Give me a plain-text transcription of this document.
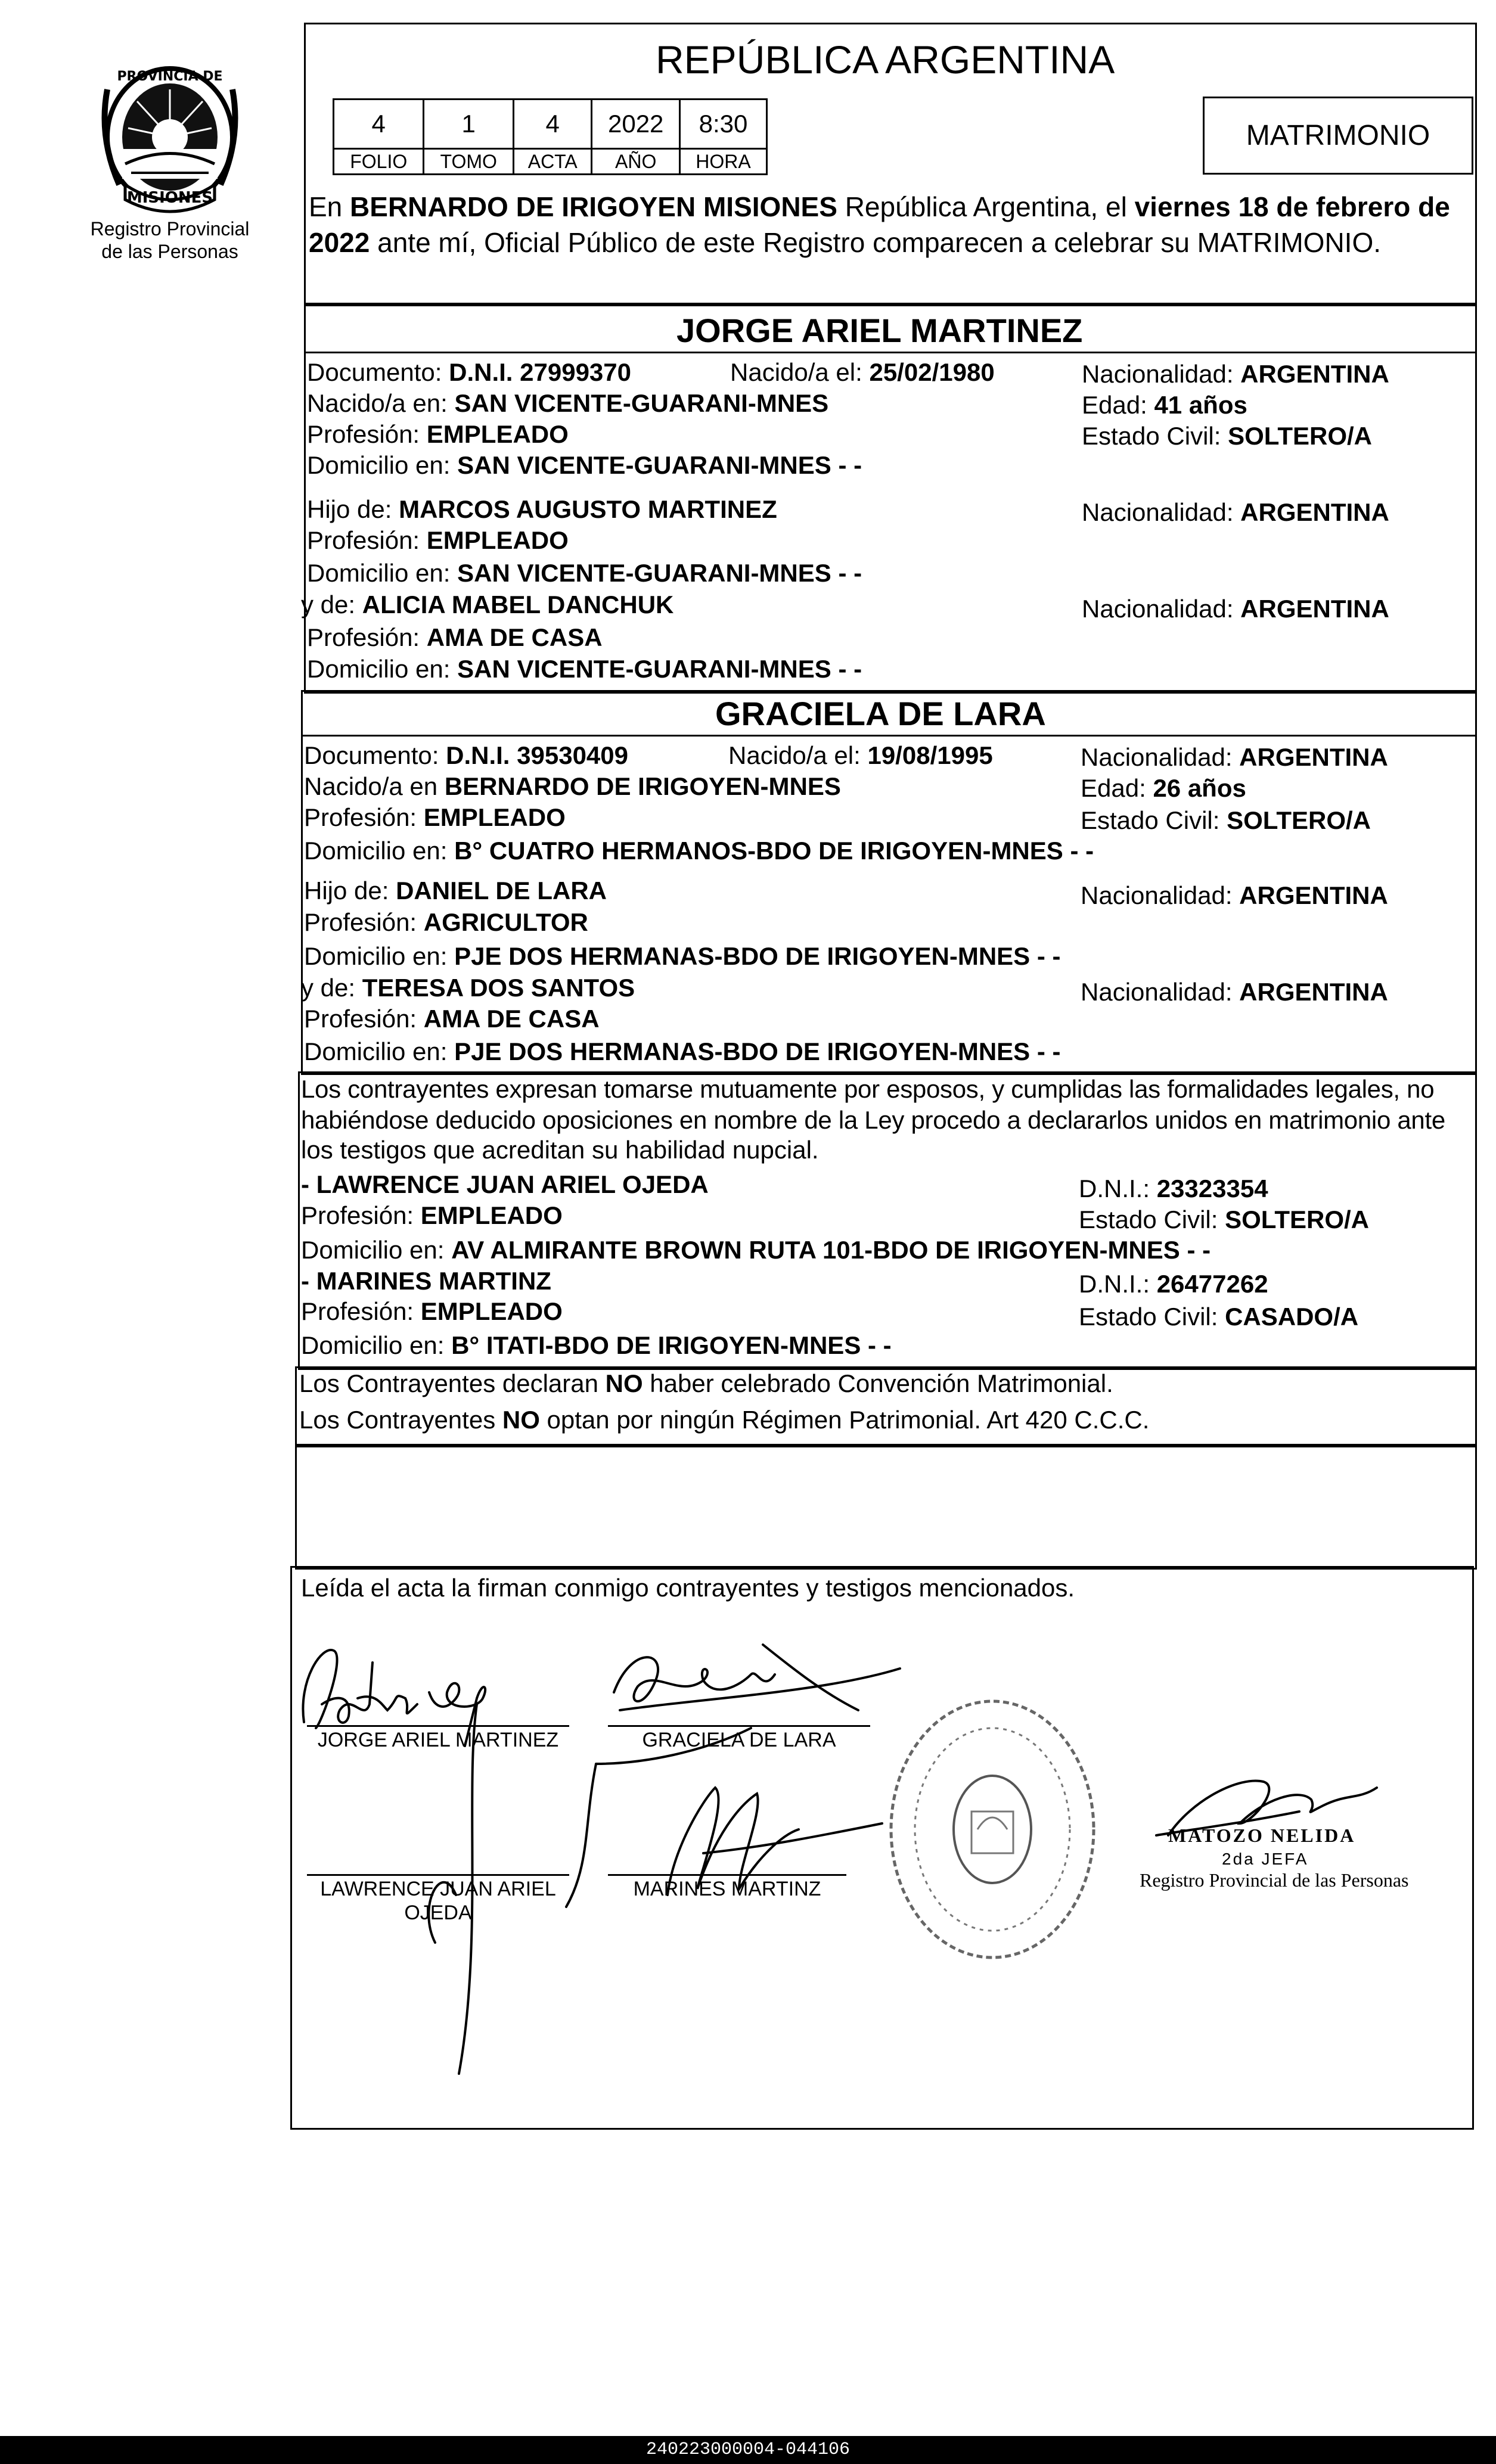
PROVINCIA DE
MISIONES
Registro Provincial
de las Personas
REPÚBLICA ARGENTINA
4	1	4	2022	8:30
FOLIO	TOMO	ACTA	AÑO	HORA
MATRIMONIO
En BERNARDO DE IRIGOYEN MISIONES República Argentina, el viernes 18 de febrero de
2022 ante mí, Oficial Público de este Registro comparecen a celebrar su MATRIMONIO.
JORGE ARIEL MARTINEZ
Documento: D.N.I. 27999370	Nacido/a el: 25/02/1980	Nacionalidad: ARGENTINA
Nacido/a en: SAN VICENTE-GUARANI-MNES	Edad: 41 años
Profesión: EMPLEADO	Estado Civil: SOLTERO/A
Domicilio en: SAN VICENTE-GUARANI-MNES - -
Hijo de: MARCOS AUGUSTO MARTINEZ	Nacionalidad: ARGENTINA
Profesión: EMPLEADO
Domicilio en: SAN VICENTE-GUARANI-MNES - -
y de: ALICIA MABEL DANCHUK	Nacionalidad: ARGENTINA
Profesión: AMA DE CASA
Domicilio en: SAN VICENTE-GUARANI-MNES - -
GRACIELA DE LARA
Documento: D.N.I. 39530409	Nacido/a el: 19/08/1995	Nacionalidad: ARGENTINA
Nacido/a en BERNARDO DE IRIGOYEN-MNES	Edad: 26 años
Profesión: EMPLEADO	Estado Civil: SOLTERO/A
Domicilio en: B° CUATRO HERMANOS-BDO DE IRIGOYEN-MNES - -
Hijo de: DANIEL DE LARA	Nacionalidad: ARGENTINA
Profesión: AGRICULTOR
Domicilio en: PJE DOS HERMANAS-BDO DE IRIGOYEN-MNES - -
y de: TERESA DOS SANTOS	Nacionalidad: ARGENTINA
Profesión: AMA DE CASA
Domicilio en: PJE DOS HERMANAS-BDO DE IRIGOYEN-MNES - -
Los contrayentes expresan tomarse mutuamente por esposos, y cumplidas las formalidades legales, no
habiéndose deducido oposiciones en nombre de la Ley procedo a declararlos unidos en matrimonio ante
los testigos que acreditan su habilidad nupcial.
- LAWRENCE JUAN ARIEL OJEDA	D.N.I.: 23323354
Profesión: EMPLEADO	Estado Civil: SOLTERO/A
Domicilio en: AV ALMIRANTE BROWN RUTA 101-BDO DE IRIGOYEN-MNES - -
- MARINES MARTINZ	D.N.I.: 26477262
Profesión: EMPLEADO	Estado Civil: CASADO/A
Domicilio en: B° ITATI-BDO DE IRIGOYEN-MNES - -
Los Contrayentes declaran NO haber celebrado Convención Matrimonial.
Los Contrayentes NO optan por ningún Régimen Patrimonial. Art 420 C.C.C.
Leída el acta la firman conmigo contrayentes y testigos mencionados.
JORGE ARIEL MARTINEZ	GRACIELA DE LARA
LAWRENCE JUAN ARIEL
OJEDA
MARINES MARTINZ
MATOZO NELIDA
2da JEFA
Registro Provincial de las Personas
240223000004-044106
